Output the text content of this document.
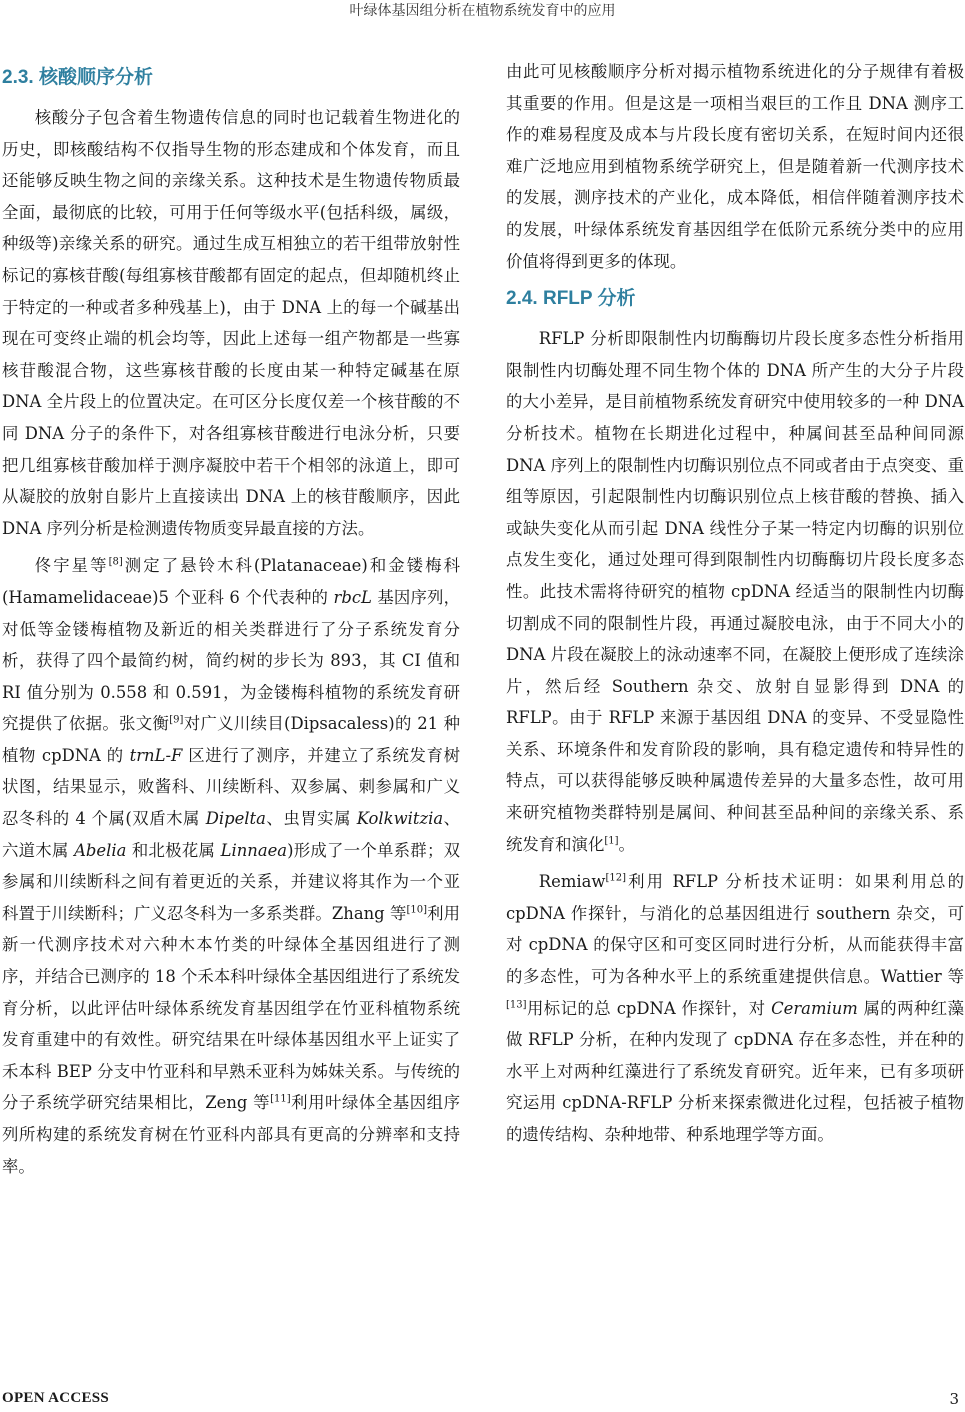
叶绿体基因组分析在植物系统发育中的应用
2.3. 核酸顺序分析

核酸分子包含着生物遗传信息的同时也记载着生物进化的历史，即核酸结构不仅指导生物的形态建成和个体发育，而且还能够反映生物之间的亲缘关系。这种技术是生物遗传物质最全面，最彻底的比较，可用于任何等级水平(包括科级，属级，种级等)亲缘关系的研究。通过生成互相独立的若干组带放射性标记的寡核苷酸(每组寡核苷酸都有固定的起点，但却随机终止于特定的一种或者多种残基上)，由于 DNA 上的每一个碱基出现在可变终止端的机会均等，因此上述每一组产物都是一些寡核苷酸混合物，这些寡核苷酸的长度由某一种特定碱基在原 DNA 全片段上的位置决定。在可区分长度仅差一个核苷酸的不同 DNA 分子的条件下，对各组寡核苷酸进行电泳分析，只要把几组寡核苷酸加样于测序凝胶中若干个相邻的泳道上，即可从凝胶的放射自影片上直接读出 DNA 上的核苷酸顺序，因此 DNA 序列分析是检测遗传物质变异最直接的方法。

佟宇星等[8]测定了悬铃木科(Platanaceae)和金镂梅科(Hamamelidaceae)5 个亚科 6 个代表种的 rbcL 基因序列，对低等金镂梅植物及新近的相关类群进行了分子系统发育分析，获得了四个最简约树，简约树的步长为 893，其 CI 值和 RI 值分别为 0.558 和 0.591，为金镂梅科植物的系统发育研究提供了依据。张文衡[9]对广义川续目(Dipsacaless)的 21 种植物 cpDNA 的 trnL-F 区进行了测序，并建立了系统发育树状图，结果显示，败酱科、川续断科、双参属、刺参属和广义忍冬科的 4 个属(双盾木属 Dipelta、虫胃实属 Kolkwitzia、六道木属 Abelia 和北极花属 Linnaea)形成了一个单系群；双参属和川续断科之间有着更近的关系，并建议将其作为一个亚科置于川续断科；广义忍冬科为一多系类群。Zhang 等[10]利用新一代测序技术对六种木本竹类的叶绿体全基因组进行了测序，并结合已测序的 18 个禾本科叶绿体全基因组进行了系统发育分析，以此评估叶绿体系统发育基因组学在竹亚科植物系统发育重建中的有效性。研究结果在叶绿体基因组水平上证实了禾本科 BEP 分支中竹亚科和早熟禾亚科为姊妹关系。与传统的分子系统学研究结果相比，Zeng 等[11]利用叶绿体全基因组序列所构建的系统发育树在竹亚科内部具有更高的分辨率和支持率。

由此可见核酸顺序分析对揭示植物系统进化的分子规律有着极其重要的作用。但是这是一项相当艰巨的工作且 DNA 测序工作的难易程度及成本与片段长度有密切关系，在短时间内还很难广泛地应用到植物系统学研究上，但是随着新一代测序技术的发展，测序技术的产业化，成本降低，相信伴随着测序技术的发展，叶绿体系统发育基因组学在低阶元系统分类中的应用价值将得到更多的体现。

2.4. RFLP 分析

RFLP 分析即限制性内切酶酶切片段长度多态性分析指用限制性内切酶处理不同生物个体的 DNA 所产生的大分子片段的大小差异，是目前植物系统发育研究中使用较多的一种 DNA 分析技术。植物在长期进化过程中，种属间甚至品种间同源 DNA 序列上的限制性内切酶识别位点不同或者由于点突变、重组等原因，引起限制性内切酶识别位点上核苷酸的替换、插入或缺失变化从而引起 DNA 线性分子某一特定内切酶的识别位点发生变化，通过处理可得到限制性内切酶酶切片段长度多态性。此技术需将待研究的植物 cpDNA 经适当的限制性内切酶切割成不同的限制性片段，再通过凝胶电泳，由于不同大小的 DNA 片段在凝胶上的泳动速率不同，在凝胶上便形成了连续涂片，然后经 Southern 杂交、放射自显影得到 DNA 的 RFLP。由于 RFLP 来源于基因组 DNA 的变异、不受显隐性关系、环境条件和发育阶段的影响，具有稳定遗传和特异性的特点，可以获得能够反映种属遗传差异的大量多态性，故可用来研究植物类群特别是属间、种间甚至品种间的亲缘关系、系统发育和演化[1]。

Remiaw[12]利用 RFLP 分析技术证明：如果利用总的 cpDNA 作探针，与消化的总基因组进行 southern 杂交，可对 cpDNA 的保守区和可变区同时进行分析，从而能获得丰富的多态性，可为各种水平上的系统重建提供信息。Wattier 等[13]用标记的总 cpDNA 作探针，对 Ceramium 属的两种红藻做 RFLP 分析，在种内发现了 cpDNA 存在多态性，并在种的水平上对两种红藻进行了系统发育研究。近年来，已有多项研究运用 cpDNA-RFLP 分析来探索微进化过程，包括被子植物的遗传结构、杂种地带、种系地理学等方面。

OPEN ACCESS	3
